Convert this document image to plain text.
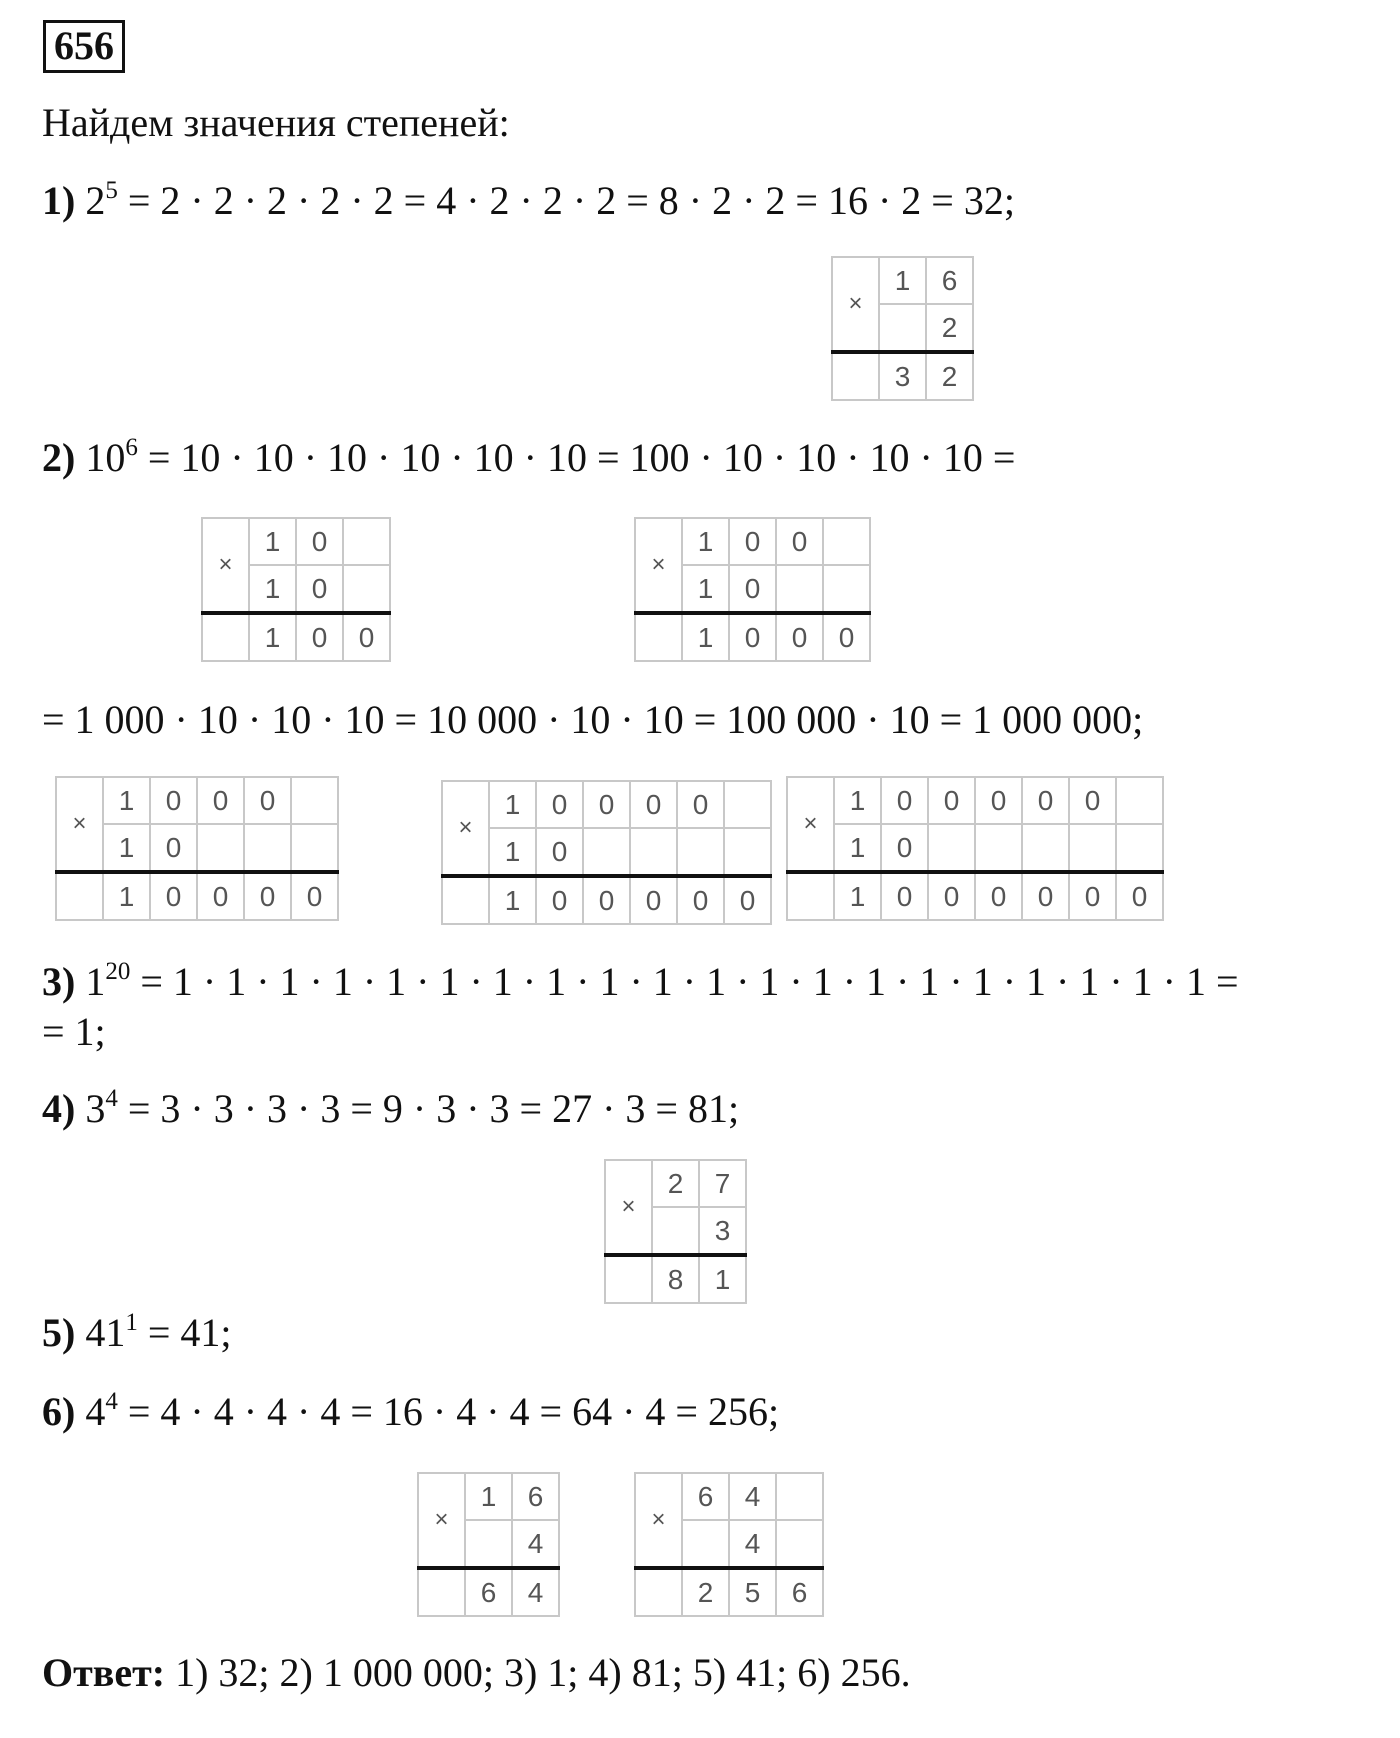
656
Найдем значения степеней:
1) $2^5 = 2 \cdot 2 \cdot 2 \cdot 2 \cdot 2 = 4 \cdot 2 \cdot 2 \cdot 2 = 8 \cdot 2 \cdot 2 = 16 \cdot 2 = 32$;
×	1	6
		2
	3	2
2) $10^6 = 10 \cdot 10 \cdot 10 \cdot 10 \cdot 10 \cdot 10 = 100 \cdot 10 \cdot 10 \cdot 10 \cdot 10$ =
×	1	0	
	1	0	
	1	0	0
×	1	0	0	
	1	0		
	1	0	0	0
= 1 000 · 10 · 10 · 10 = 10 000 · 10 · 10 = 100 000 · 10 = 1 000 000;
×	1	0	0	0	
	1	0			
	1	0	0	0	0
×	1	0	0	0	0	
	1	0				
	1	0	0	0	0	0
×	1	0	0	0	0	0	
	1	0					
	1	0	0	0	0	0	0
3) $1^{20} = 1 \cdot 1 \cdot 1 \cdot 1 \cdot 1 \cdot 1 \cdot 1 \cdot 1 \cdot 1 \cdot 1 \cdot 1 \cdot 1 \cdot 1 \cdot 1 \cdot 1 \cdot 1 \cdot 1 \cdot 1 \cdot 1 \cdot 1$ =
= 1;
4) $3^4 = 3 \cdot 3 \cdot 3 \cdot 3 = 9 \cdot 3 \cdot 3 = 27 \cdot 3 = 81$;
×	2	7
		3
	8	1
5) $41^1 = 41$;
6) $4^4 = 4 \cdot 4 \cdot 4 \cdot 4 = 16 \cdot 4 \cdot 4 = 64 \cdot 4 = 256$;
×	1	6
		4
	6	4
×	6	4	
		4	
	2	5	6
Ответ: 1) 32; 2) 1 000 000; 3) 1; 4) 81; 5) 41; 6) 256.
